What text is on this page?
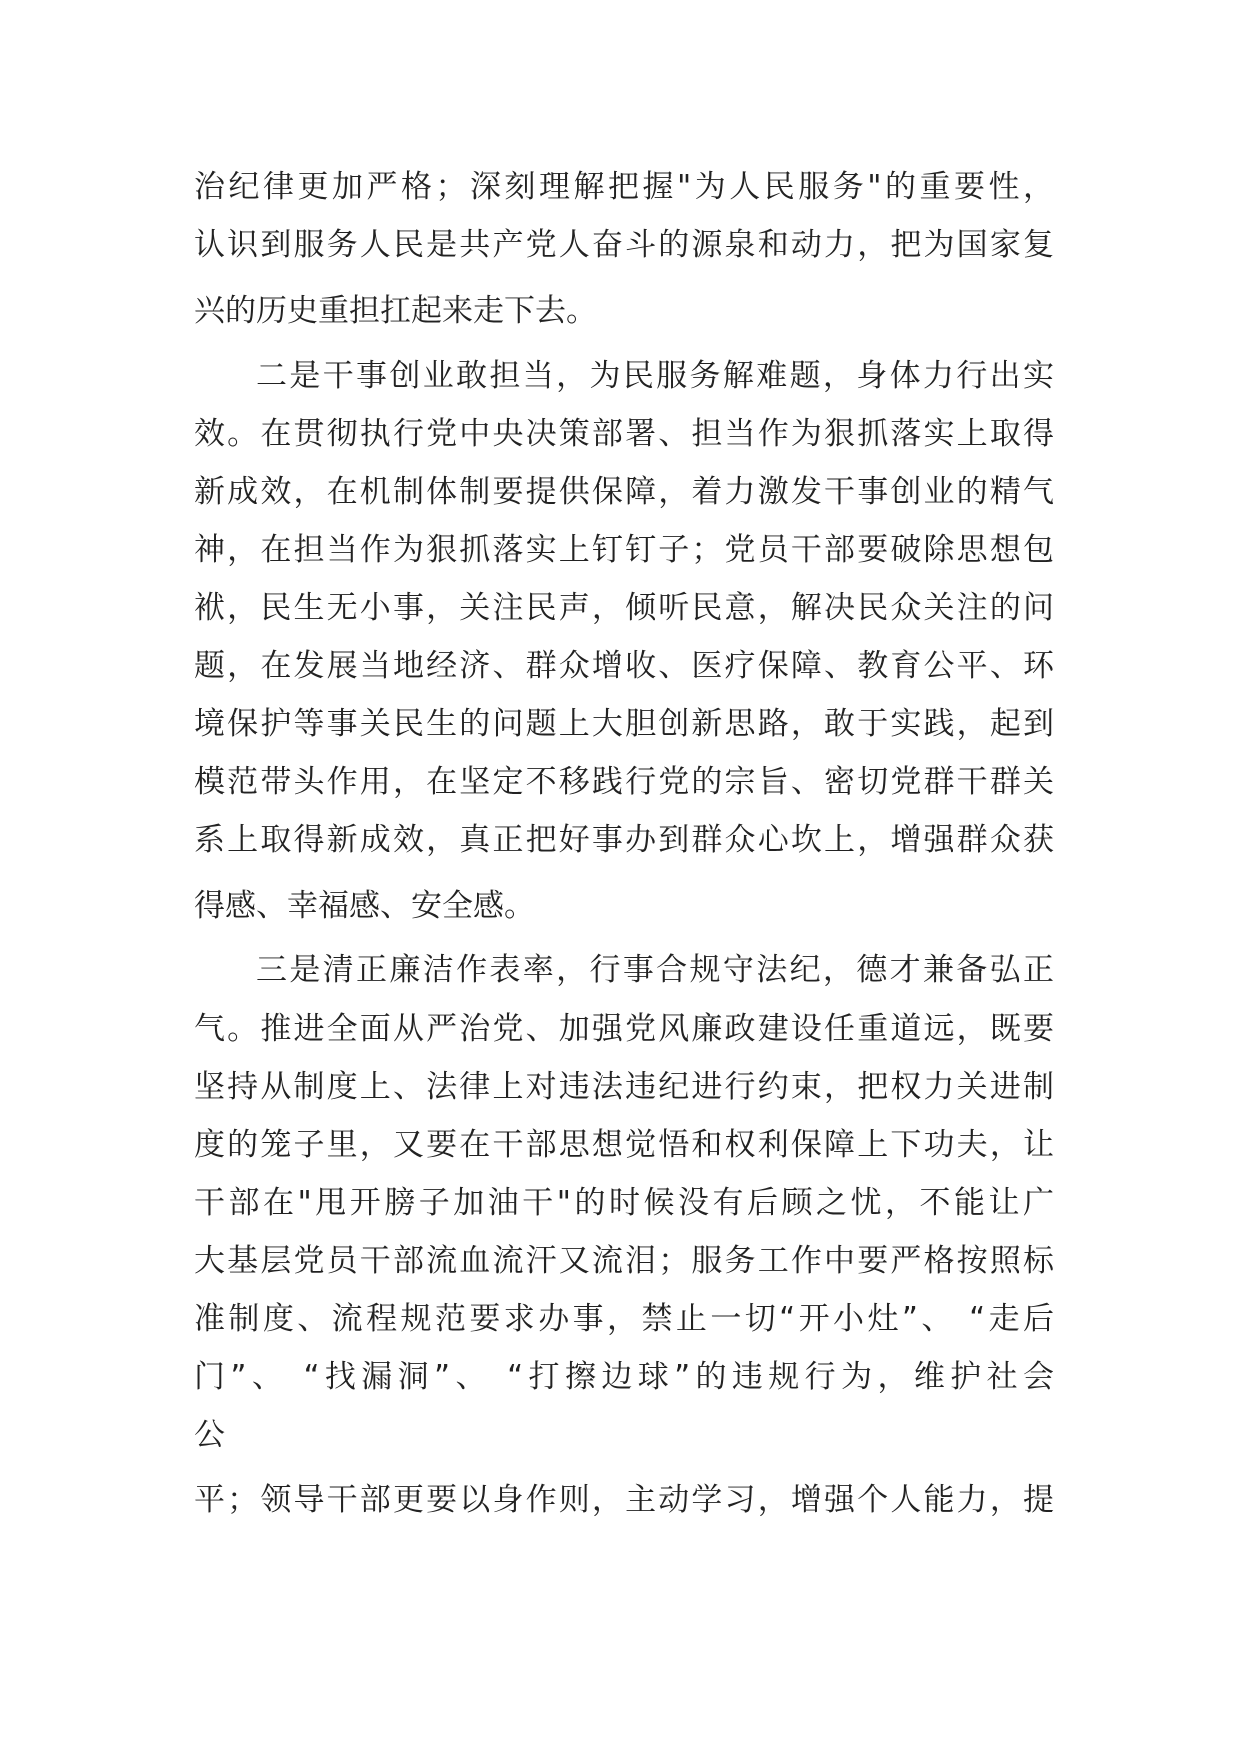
治纪律更加严格；深刻理解把握"为人民服务"的重要性，
认识到服务人民是共产党人奋斗的源泉和动力，把为国家复
兴的历史重担扛起来走下去。
二是干事创业敢担当，为民服务解难题，身体力行出实
效。在贯彻执行党中央决策部署、担当作为狠抓落实上取得
新成效，在机制体制要提供保障，着力激发干事创业的精气
神，在担当作为狠抓落实上钉钉子；党员干部要破除思想包
袱，民生无小事，关注民声，倾听民意，解决民众关注的问
题，在发展当地经济、群众增收、医疗保障、教育公平、环
境保护等事关民生的问题上大胆创新思路，敢于实践，起到
模范带头作用，在坚定不移践行党的宗旨、密切党群干群关
系上取得新成效，真正把好事办到群众心坎上，增强群众获
得感、幸福感、安全感。
三是清正廉洁作表率，行事合规守法纪，德才兼备弘正
气。推进全面从严治党、加强党风廉政建设任重道远，既要
坚持从制度上、法律上对违法违纪进行约束，把权力关进制
度的笼子里，又要在干部思想觉悟和权利保障上下功夫，让
干部在"甩开膀子加油干"的时候没有后顾之忧，不能让广
大基层党员干部流血流汗又流泪；服务工作中要严格按照标
准制度、流程规范要求办事，禁止一切“开小灶”、 “走后
门”、 “找漏洞”、 “打擦边球”的违规行为，维护社会
公
平；领导干部更要以身作则，主动学习，增强个人能力，提
